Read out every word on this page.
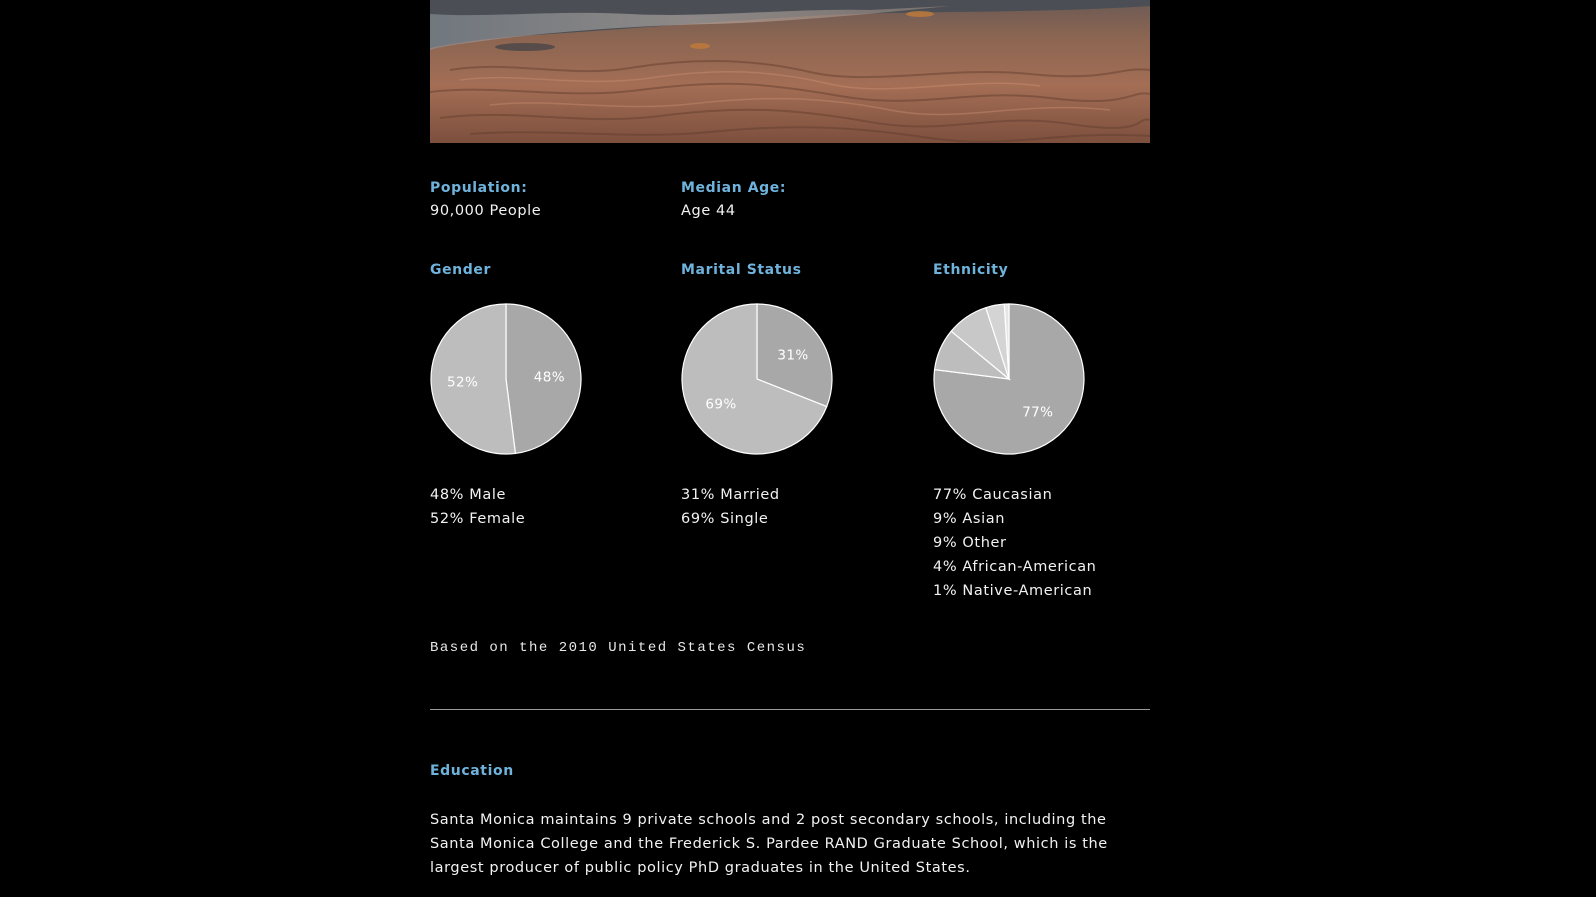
Population:
90,000 People
Median Age:
Age 44
Gender
48%
52%
48% Male
52% Female
Marital Status
31%
69%
31% Married
69% Single
Ethnicity
77%
77% Caucasian
9% Asian
9% Other
4% African-American
1% Native-American
Based on the 2010 United States Census
Education
Santa Monica maintains 9 private schools and 2 post secondary schools, including the Santa Monica College and the Frederick S. Pardee RAND Graduate School, which is the largest producer of public policy PhD graduates in the United States.
